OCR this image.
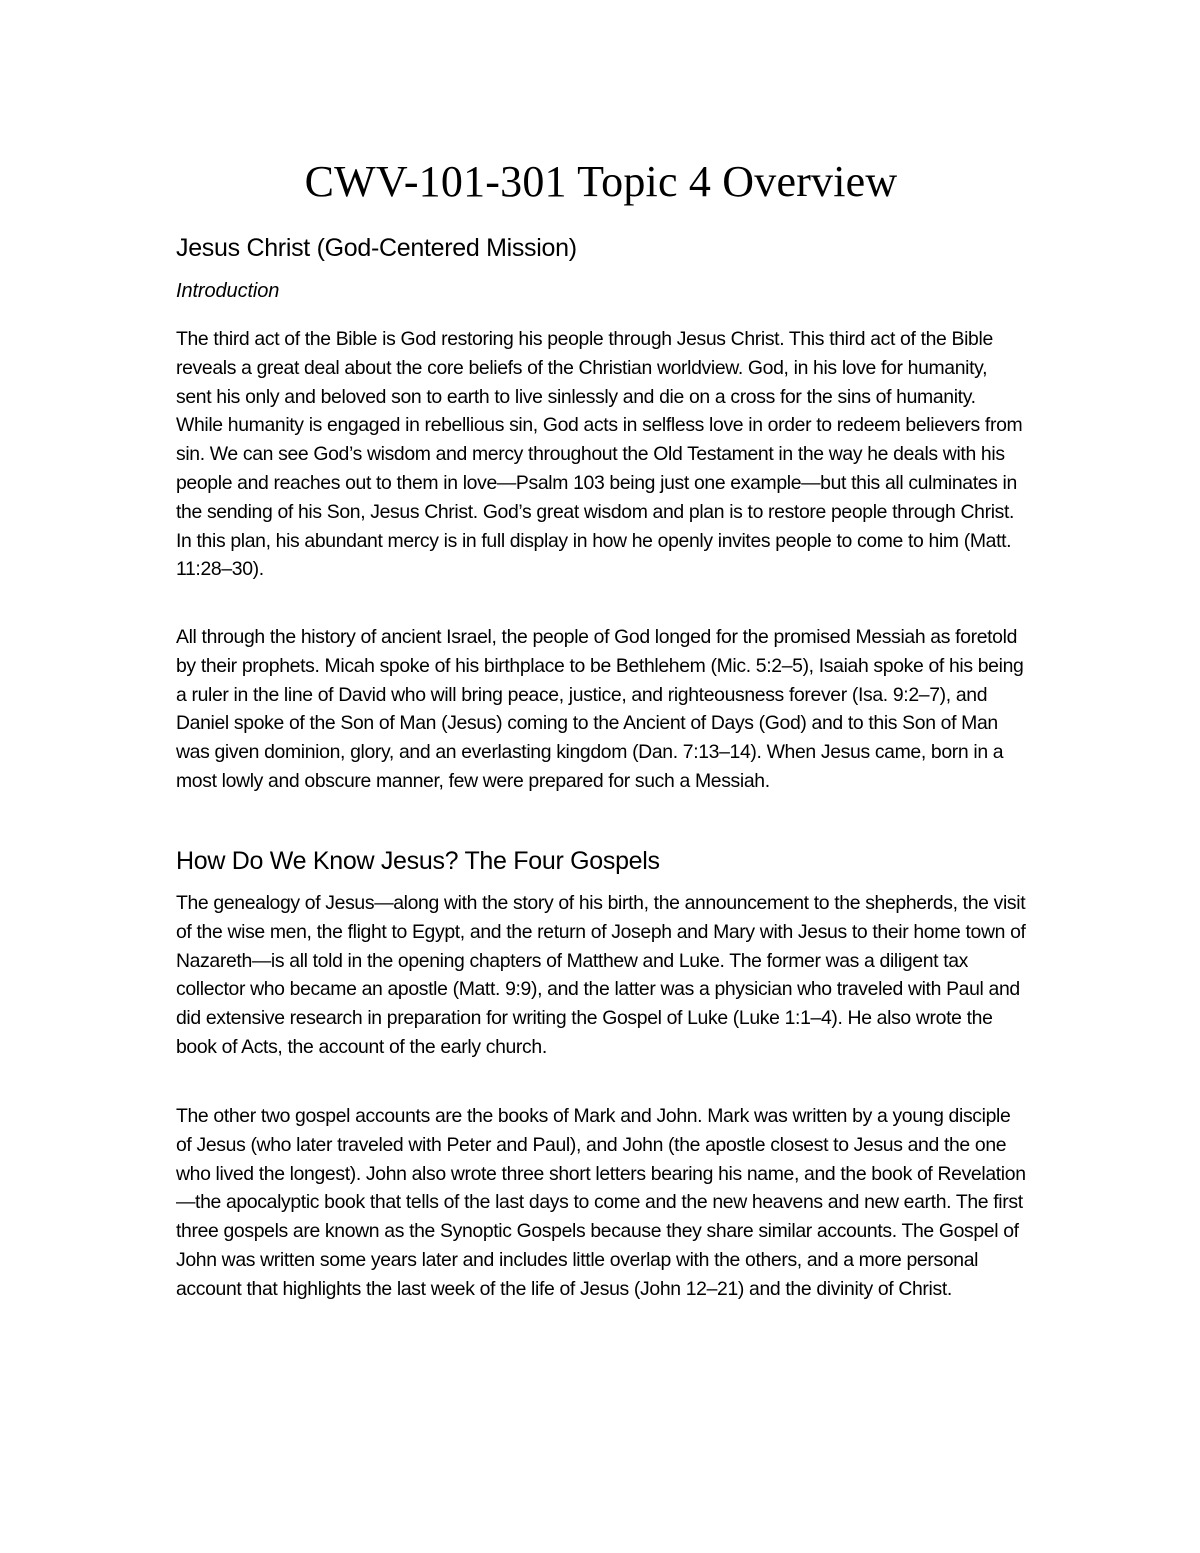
CWV-101-301 Topic 4 Overview
Jesus Christ (God-Centered Mission)

Introduction

The third act of the Bible is God restoring his people through Jesus Christ. This third act of the Bible reveals a great deal about the core beliefs of the Christian worldview. God, in his love for humanity, sent his only and beloved son to earth to live sinlessly and die on a cross for the sins of humanity. While humanity is engaged in rebellious sin, God acts in selfless love in order to redeem believers from sin. We can see God’s wisdom and mercy throughout the Old Testament in the way he deals with his people and reaches out to them in love—Psalm 103 being just one example—but this all culminates in the sending of his Son, Jesus Christ. God’s great wisdom and plan is to restore people through Christ. In this plan, his abundant mercy is in full display in how he openly invites people to come to him (Matt. 11:28–30).

All through the history of ancient Israel, the people of God longed for the promised Messiah as foretold by their prophets. Micah spoke of his birthplace to be Bethlehem (Mic. 5:2–5), Isaiah spoke of his being a ruler in the line of David who will bring peace, justice, and righteousness forever (Isa. 9:2–7), and Daniel spoke of the Son of Man (Jesus) coming to the Ancient of Days (God) and to this Son of Man was given dominion, glory, and an everlasting kingdom (Dan. 7:13–14). When Jesus came, born in a most lowly and obscure manner, few were prepared for such a Messiah.

How Do We Know Jesus? The Four Gospels

The genealogy of Jesus—along with the story of his birth, the announcement to the shepherds, the visit of the wise men, the flight to Egypt, and the return of Joseph and Mary with Jesus to their home town of Nazareth—is all told in the opening chapters of Matthew and Luke. The former was a diligent tax collector who became an apostle (Matt. 9:9), and the latter was a physician who traveled with Paul and did extensive research in preparation for writing the Gospel of Luke (Luke 1:1–4). He also wrote the book of Acts, the account of the early church.

The other two gospel accounts are the books of Mark and John. Mark was written by a young disciple of Jesus (who later traveled with Peter and Paul), and John (the apostle closest to Jesus and the one who lived the longest). John also wrote three short letters bearing his name, and the book of Revelation—the apocalyptic book that tells of the last days to come and the new heavens and new earth. The first three gospels are known as the Synoptic Gospels because they share similar accounts. The Gospel of John was written some years later and includes little overlap with the others, and a more personal account that highlights the last week of the life of Jesus (John 12–21) and the divinity of Christ.
